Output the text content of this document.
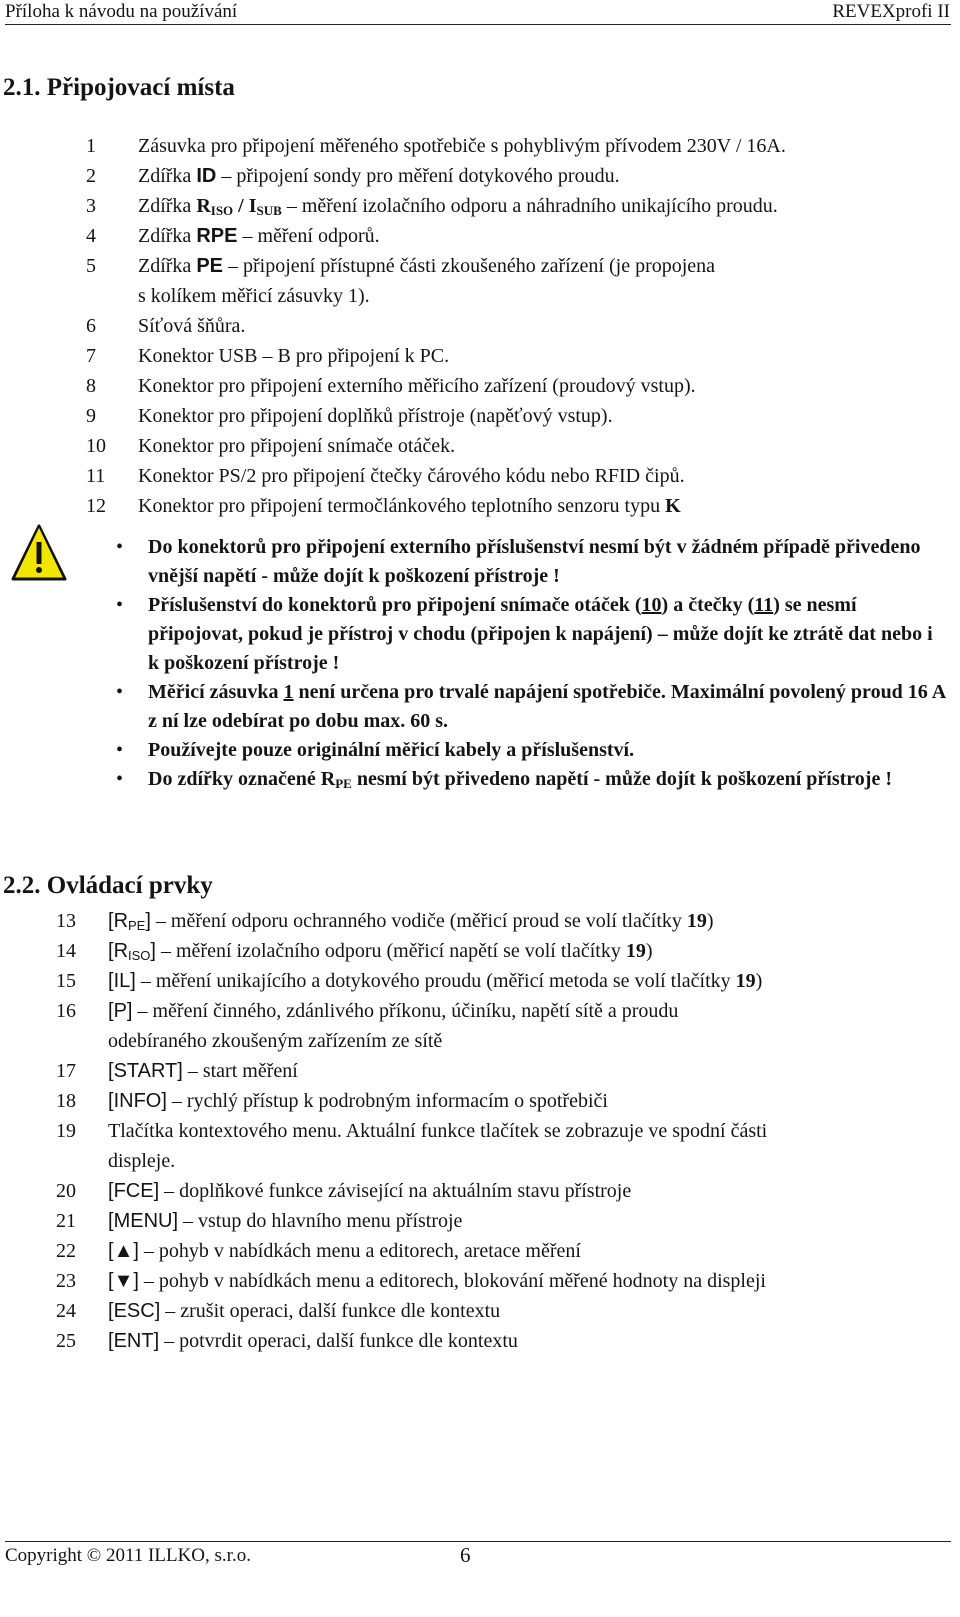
Příloha k návodu na používání	REVEXprofi II
2.1. Připojovací místa
1	Zásuvka pro připojení měřeného spotřebiče s pohyblivým přívodem 230V / 16A.
2	Zdířka ID – připojení sondy pro měření dotykového proudu.
3	Zdířka $R_{ISO} / I_{SUB}$ – měření izolačního odporu a náhradního unikajícího proudu.
4	Zdířka RPE – měření odporů.
5	Zdířka PE – připojení přístupné části zkoušeného zařízení (je propojena
s kolíkem měřicí zásuvky 1).
6	Síťová šňůra.
7	Konektor USB – B pro připojení k PC.
8	Konektor pro připojení externího měřicího zařízení (proudový vstup).
9	Konektor pro připojení doplňků přístroje (napěťový vstup).
10	Konektor pro připojení snímače otáček.
11	Konektor PS/2 pro připojení čtečky čárového kódu nebo RFID čipů.
12	Konektor pro připojení termočlánkového teplotního senzoru typu K
• Do konektorů pro připojení externího příslušenství nesmí být v žádném případě přivedeno vnější napětí - může dojít k poškození přístroje !
• Příslušenství do konektorů pro připojení snímače otáček (10) a čtečky (11) se nesmí připojovat, pokud je přístroj v chodu (připojen k napájení) – může dojít ke ztrátě dat nebo i k poškození přístroje !
• Měřicí zásuvka 1 není určena pro trvalé napájení spotřebiče. Maximální povolený proud 16 A z ní lze odebírat po dobu max. 60 s.
• Používejte pouze originální měřicí kabely a příslušenství.
• Do zdířky označené $R_{PE}$ nesmí být přivedeno napětí - může dojít k poškození přístroje !
2.2. Ovládací prvky
13	$[R_{PE}]$ – měření odporu ochranného vodiče (měřicí proud se volí tlačítky 19)
14	$[R_{ISO}]$ – měření izolačního odporu (měřicí napětí se volí tlačítky 19)
15	[IL] – měření unikajícího a dotykového proudu (měřicí metoda se volí tlačítky 19)
16	[P] – měření činného, zdánlivého příkonu, účiníku, napětí sítě a proudu
odebíraného zkoušeným zařízením ze sítě
17	[START] – start měření
18	[INFO] – rychlý přístup k podrobným informacím o spotřebiči
19	Tlačítka kontextového menu. Aktuální funkce tlačítek se zobrazuje ve spodní části
displeje.
20	[FCE] – doplňkové funkce závisející na aktuálním stavu přístroje
21	[MENU] – vstup do hlavního menu přístroje
22	[▲] – pohyb v nabídkách menu a editorech, aretace měření
23	[▼] – pohyb v nabídkách menu a editorech, blokování měřené hodnoty na displeji
24	[ESC] – zrušit operaci, další funkce dle kontextu
25	[ENT] – potvrdit operaci, další funkce dle kontextu
Copyright © 2011 ILLKO, s.r.o.	6
